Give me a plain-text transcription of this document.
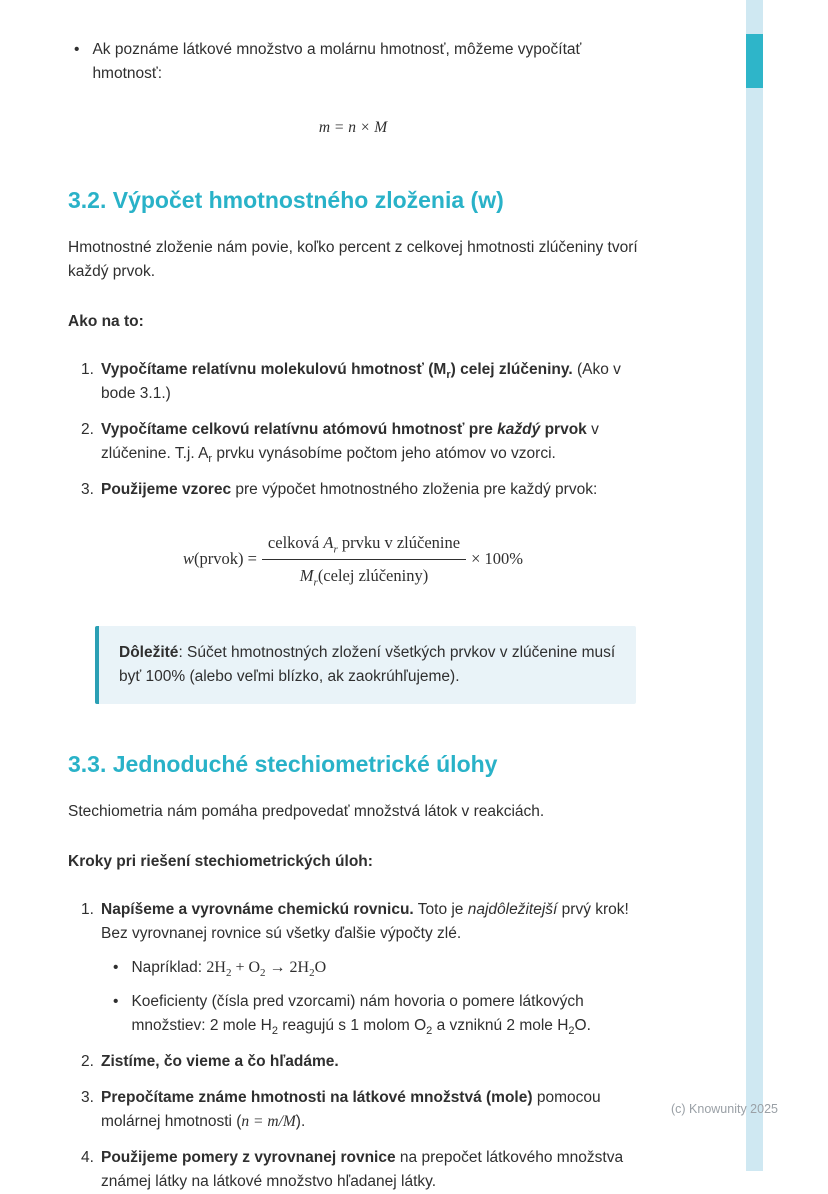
• Ak poznáme látkové množstvo a molárnu hmotnosť, môžeme vypočítať hmotnosť:
m = n × M
3.2. Výpočet hmotnostného zloženia (w)

Hmotnostné zloženie nám povie, koľko percent z celkovej hmotnosti zlúčeniny tvorí každý prvok.

Ako na to:

1. Vypočítame relatívnu molekulovú hmotnosť $(M_r)$ celej zlúčeniny. (Ako v bode 3.1.)
2. Vypočítame celkovú relatívnu atómovú hmotnosť pre každý prvok v zlúčenine. T.j. $A_r$ prvku vynásobíme počtom jeho atómov vo vzorci.
3. Použijeme vzorec pre výpočet hmotnostného zloženia pre každý prvok:
w(prvok) = $\frac{celková A_r prvku v zlúčenine}{M_r(celej zlúčeniny)} \times 100\%$
Dôležité: Súčet hmotnostných zložení všetkých prvkov v zlúčenine musí byť 100% (alebo veľmi blízko, ak zaokrúhľujeme).
3.3. Jednoduché stechiometrické úlohy

Stechiometria nám pomáha predpovedať množstvá látok v reakciách.

Kroky pri riešení stechiometrických úloh:

1. Napíšeme a vyrovnáme chemickú rovnicu. Toto je najdôležitejší prvý krok! Bez vyrovnanej rovnice sú všetky ďalšie výpočty zlé.
• Napríklad: $2H_2 + O_2 \to 2H_2O$
• Koeficienty (čísla pred vzorcami) nám hovoria o pomere látkových množstiev: 2 mole $H_2$ reagujú s 1 molom $O_2$ a vzniknú 2 mole $H_2O$.
2. Zistíme, čo vieme a čo hľadáme.
3. Prepočítame známe hmotnosti na látkové množstvá (mole) pomocou molárnej hmotnosti (n = m/M).
4. Použijeme pomery z vyrovnanej rovnice na prepočet látkového množstva známej látky na látkové množstvo hľadanej látky.
(c) Knowunity 2025
